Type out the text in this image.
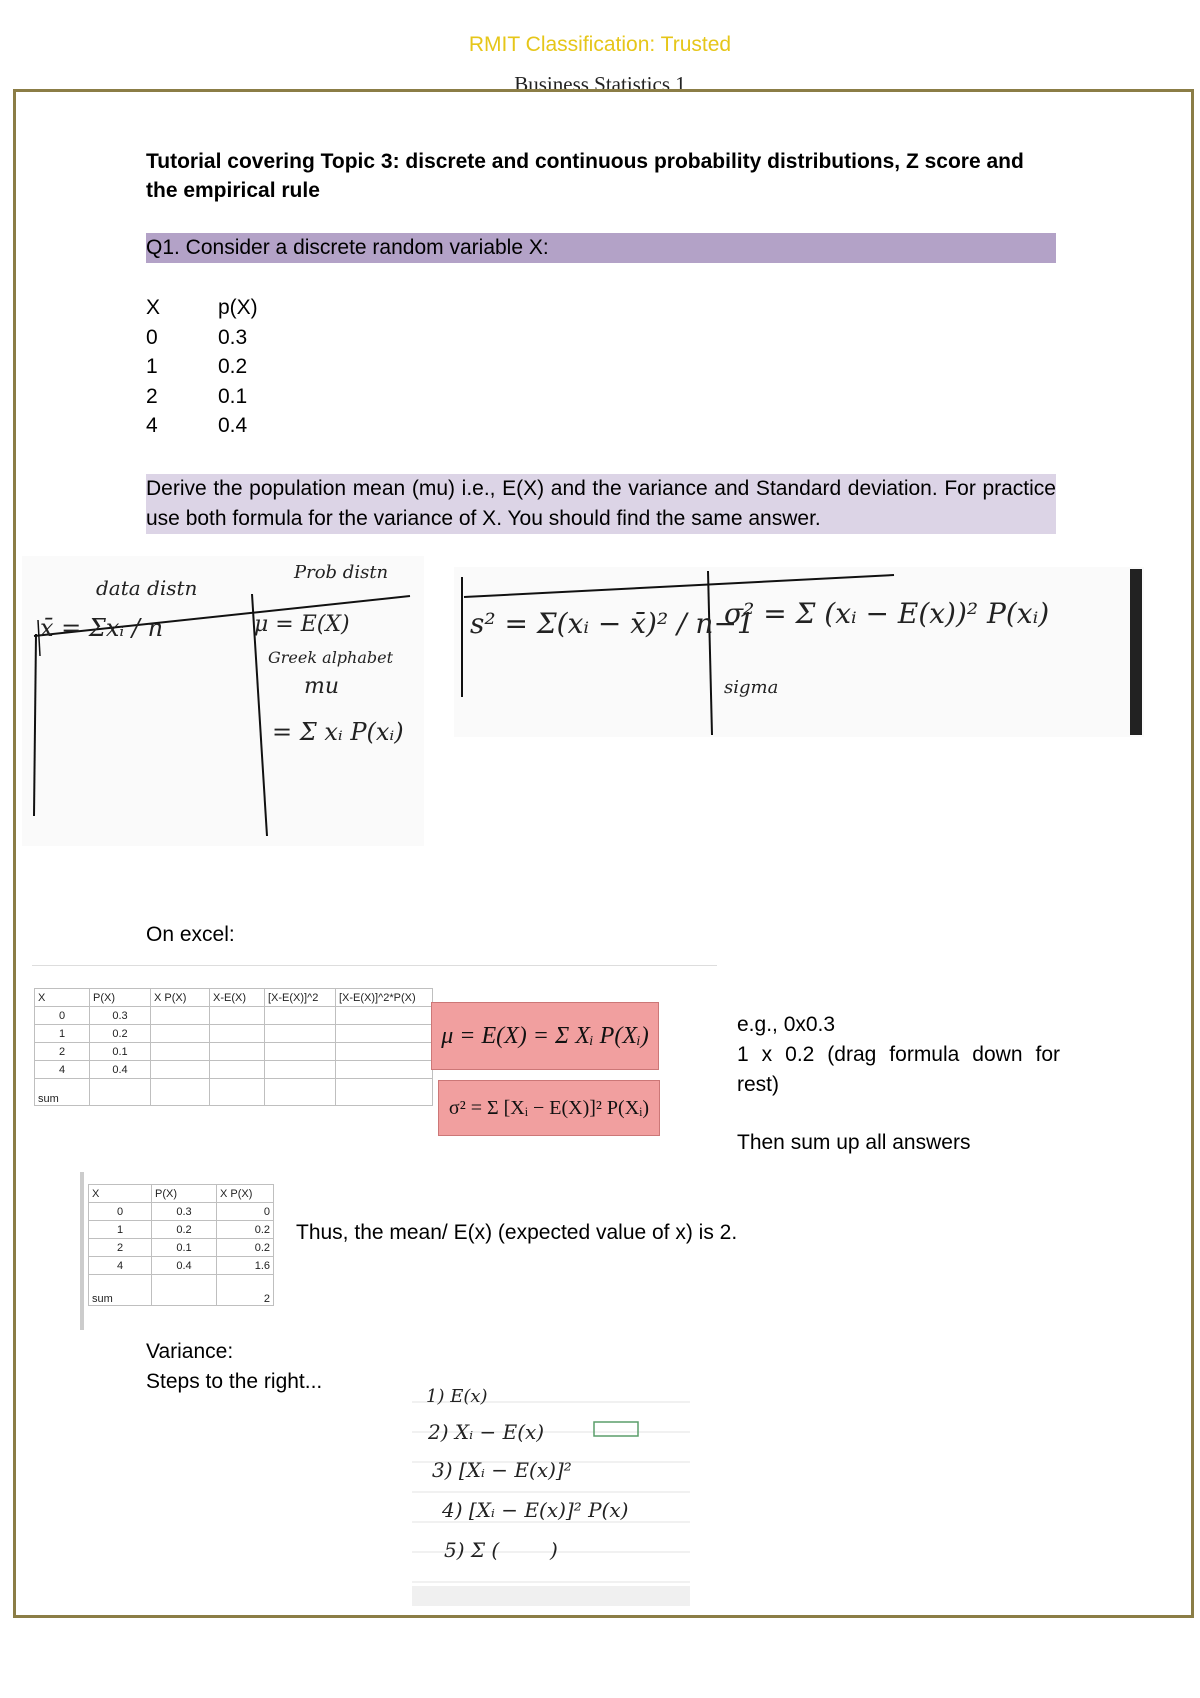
RMIT Classification: Trusted
Business Statistics 1
Tutorial covering Topic 3: discrete and continuous probability distributions, Z score and the empirical rule
Q1. Consider a discrete random variable X:
X	p(X)
0	0.3
1	0.2
2	0.1
4	0.4
Derive the population mean (mu) i.e., E(X) and the variance and Standard deviation. For practice use both formula for the variance of X. You should find the same answer.
data distn
Prob distn
x̄ = Σxᵢ / n	μ = E(X)
Greek alphabet
mu
= Σ xᵢ P(xᵢ)
s² = Σ(xᵢ − x̄)² / n−1
σ² = Σ (xᵢ − E(x))² P(xᵢ)
sigma
On excel:
X	P(X)	X P(X)	X-E(X)	[X-E(X)]^2	[X-E(X)]^2*P(X)
0	0.3				
1	0.2				
2	0.1				
4	0.4				
sum					
μ = E(X) = Σ Xᵢ P(Xᵢ)
σ² = Σ [Xᵢ − E(X)]² P(Xᵢ)
e.g., 0x0.3
1 x 0.2 (drag formula down for rest)
Then sum up all answers
X	P(X)	X P(X)
0	0.3	0
1	0.2	0.2
2	0.1	0.2
4	0.4	1.6
sum		2
Thus, the mean/ E(x) (expected value of x) is 2.
Variance:
Steps to the right...
1) E(x)
2) Xᵢ − E(x)
3) [Xᵢ − E(x)]²
4) [Xᵢ − E(x)]² P(x)
5) Σ (        )
